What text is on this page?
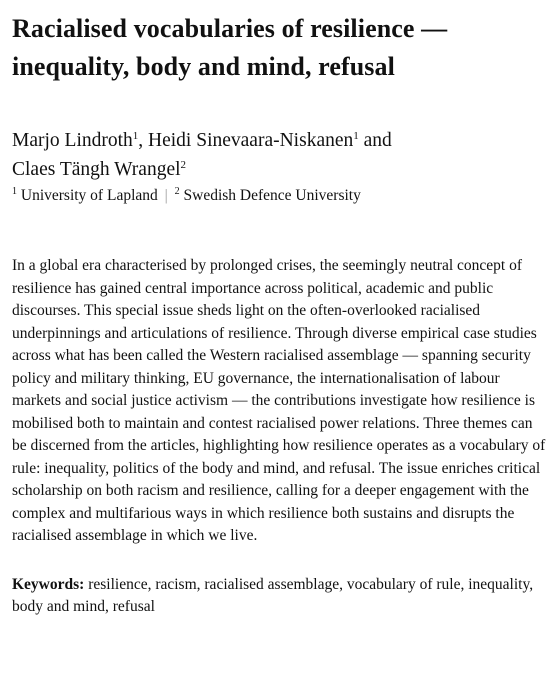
Racialised vocabularies of resilience —
inequality, body and mind, refusal
Marjo Lindroth$^1$, Heidi Sinevaara-Niskanen$^1$ and
Claes Tängh Wrangel$^2$
$^1$ University of Lapland | $^2$ Swedish Defence University

In a global era characterised by prolonged crises, the seemingly neutral concept of resilience has gained central importance across political, academic and public discourses. This special issue sheds light on the often-overlooked racialised underpinnings and articulations of resilience. Through diverse empirical case studies across what has been called the Western racialised assemblage — spanning security policy and military thinking, EU governance, the internationalisation of labour markets and social justice activism — the contributions investigate how resilience is mobilised both to maintain and contest racialised power relations. Three themes can be discerned from the articles, highlighting how resilience operates as a vocabulary of rule: inequality, politics of the body and mind, and refusal. The issue enriches critical scholarship on both racism and resilience, calling for a deeper engagement with the complex and multifarious ways in which resilience both sustains and disrupts the racialised assemblage in which we live.

Keywords: resilience, racism, racialised assemblage, vocabulary of rule, inequality, body and mind, refusal
